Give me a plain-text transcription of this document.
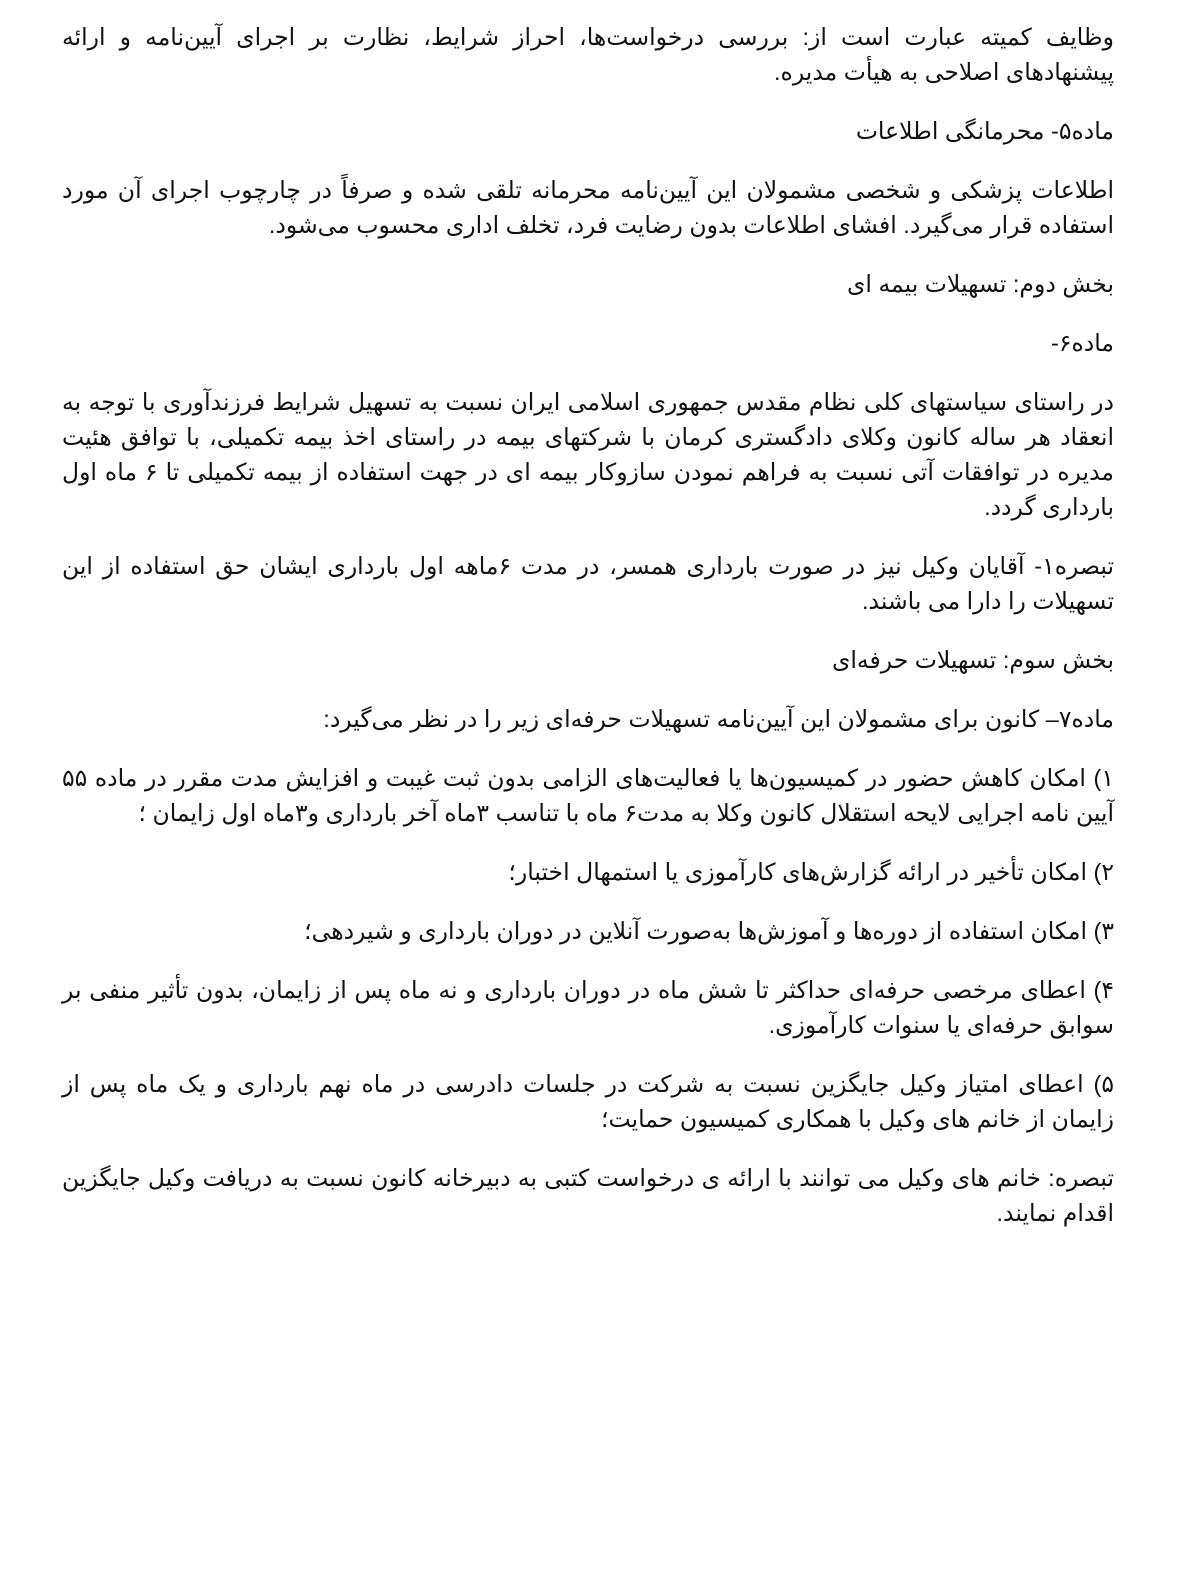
وظایف کمیته عبارت است از: بررسی درخواست‌ها، احراز شرایط، نظارت بر اجرای آیین‌نامه و ارائه پیشنهادهای اصلاحی به هیأت مدیره.

ماده۵- محرمانگی اطلاعات

اطلاعات پزشکی و شخصی مشمولان این آیین‌نامه محرمانه تلقی شده و صرفاً در چارچوب اجرای آن مورد استفاده قرار می‌گیرد. افشای اطلاعات بدون رضایت فرد، تخلف اداری محسوب می‌شود.

بخش دوم: تسهیلات بیمه ای

ماده۶-

در راستای سیاستهای کلی نظام مقدس جمهوری اسلامی ایران نسبت به تسهیل شرایط فرزندآوری با توجه به انعقاد هر ساله کانون وکلای دادگستری کرمان با شرکتهای بیمه در راستای اخذ بیمه تکمیلی، با توافق هئیت مدیره در توافقات آتی نسبت به فراهم نمودن سازوکار بیمه ای در جهت استفاده از بیمه تکمیلی تا ۶ ماه اول بارداری گردد.

تبصره۱- آقایان وکیل نیز در صورت بارداری همسر، در مدت ۶ماهه اول بارداری ایشان حق استفاده از این تسهیلات را دارا می باشند.

بخش سوم: تسهیلات حرفه‌ای

ماده۷– کانون برای مشمولان این آیین‌نامه تسهیلات حرفه‌ای زیر را در نظر می‌گیرد:

۱) امکان کاهش حضور در کمیسیون‌ها یا فعالیت‌های الزامی بدون ثبت غیبت و افزایش مدت مقرر در ماده ۵۵ آیین نامه اجرایی لایحه استقلال کانون وکلا به مدت۶ ماه با تناسب ۳ماه آخر بارداری و۳ماه اول زایمان ؛

۲) امکان تأخیر در ارائه گزارش‌های کارآموزی یا استمهال اختبار؛

۳) امکان استفاده از دوره‌ها و آموزش‌ها به‌صورت آنلاین در دوران بارداری و شیردهی؛

۴) اعطای مرخصی حرفه‌ای حداکثر تا شش ماه در دوران بارداری و نه ماه پس از زایمان، بدون تأثیر منفی بر سوابق حرفه‌ای یا سنوات کارآموزی.

۵) اعطای امتیاز وکیل جایگزین نسبت به شرکت در جلسات دادرسی در ماه نهم بارداری و یک ماه پس از زایمان از خانم های وکیل با همکاری کمیسیون حمایت؛

تبصره: خانم های وکیل می توانند با ارائه ی درخواست کتبی به دبیرخانه کانون نسبت به دریافت وکیل جایگزین اقدام نمایند.
